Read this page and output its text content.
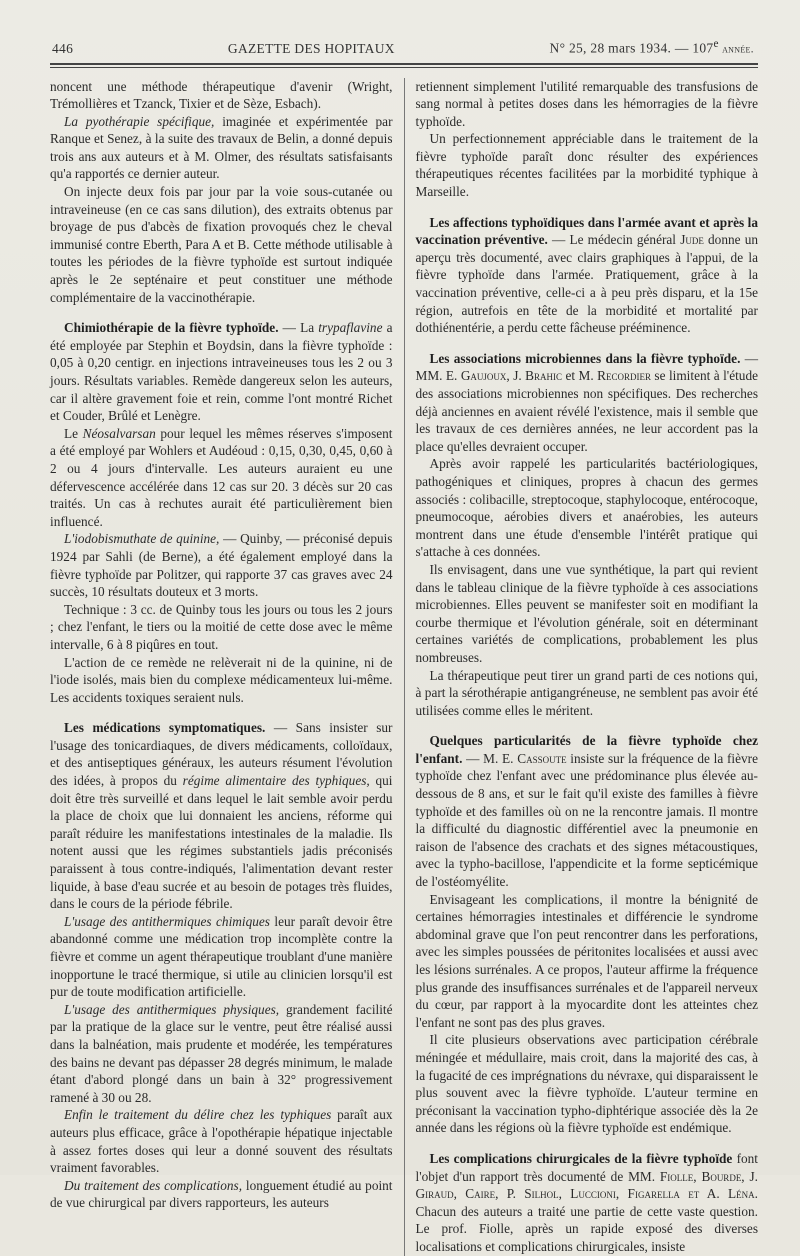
446	GAZETTE DES HOPITAUX	N° 25, 28 mars 1934. — 107e année.

noncent une méthode thérapeutique d'avenir (Wright, Trémollières et Tzanck, Tixier et de Sèze, Esbach).

La pyothérapie spécifique, imaginée et expérimentée par Ranque et Senez, à la suite des travaux de Belin, a donné depuis trois ans aux auteurs et à M. Olmer, des résultats satisfaisants qu'a rapportés ce dernier auteur.

On injecte deux fois par jour par la voie sous-cutanée ou intraveineuse (en ce cas sans dilution), des extraits obtenus par broyage de pus d'abcès de fixation provoqués chez le cheval immunisé contre Eberth, Para A et B. Cette méthode utilisable à toutes les périodes de la fièvre typhoïde est surtout indiquée après le 2e septénaire et peut constituer une méthode complémentaire de la vaccinothérapie.

Chimiothérapie de la fièvre typhoïde. — La trypaflavine a été employée par Stephin et Boydsin, dans la fièvre typhoïde : 0,05 à 0,20 centigr. en injections intraveineuses tous les 2 ou 3 jours. Résultats variables. Remède dangereux selon les auteurs, car il altère gravement foie et rein, comme l'ont montré Richet et Couder, Brûlé et Lenègre.

Le Néosalvarsan pour lequel les mêmes réserves s'imposent a été employé par Wohlers et Audéoud : 0,15, 0,30, 0,45, 0,60 à 2 ou 4 jours d'intervalle. Les auteurs auraient eu une défervescence accélérée dans 12 cas sur 20. 3 décès sur 20 cas traités. Un cas à rechutes aurait été particulièrement bien influencé.

L'iodobismuthate de quinine, — Quinby, — préconisé depuis 1924 par Sahli (de Berne), a été également employé dans la fièvre typhoïde par Politzer, qui rapporte 37 cas graves avec 24 succès, 10 résultats douteux et 3 morts.

Technique : 3 cc. de Quinby tous les jours ou tous les 2 jours ; chez l'enfant, le tiers ou la moitié de cette dose avec le même intervalle, 6 à 8 piqûres en tout.

L'action de ce remède ne relèverait ni de la quinine, ni de l'iode isolés, mais bien du complexe médicamenteux lui-même. Les accidents toxiques seraient nuls.

Les médications symptomatiques. — Sans insister sur l'usage des tonicardiaques, de divers médicaments, colloïdaux, et des antiseptiques généraux, les auteurs résument l'évolution des idées, à propos du régime alimentaire des typhiques, qui doit être très surveillé et dans lequel le lait semble avoir perdu la place de choix que lui donnaient les anciens, réforme qui paraît réduire les manifestations intestinales de la maladie. Ils notent aussi que les régimes substantiels jadis préconisés paraissent à tous contre-indiqués, l'alimentation devant rester liquide, à base d'eau sucrée et au besoin de potages très fluides, dans le cours de la période fébrile.

L'usage des antithermiques chimiques leur paraît devoir être abandonné comme une médication trop incomplète contre la fièvre et comme un agent thérapeutique troublant d'une manière inopportune le tracé thermique, si utile au clinicien lorsqu'il est pur de toute modification artificielle.

L'usage des antithermiques physiques, grandement facilité par la pratique de la glace sur le ventre, peut être réalisé aussi dans la balnéation, mais prudente et modérée, les températures des bains ne devant pas dépasser 28 degrés minimum, le malade étant d'abord plongé dans un bain à 32° progressivement ramené à 30 ou 28.

Enfin le traitement du délire chez les typhiques paraît aux auteurs plus efficace, grâce à l'opothérapie hépatique injectable à assez fortes doses qui leur a donné souvent des résultats vraiment favorables.

Du traitement des complications, longuement étudié au point de vue chirurgical par divers rapporteurs, les auteurs

retiennent simplement l'utilité remarquable des transfusions de sang normal à petites doses dans les hémorragies de la fièvre typhoïde.

Un perfectionnement appréciable dans le traitement de la fièvre typhoïde paraît donc résulter des expériences thérapeutiques récentes facilitées par la morbidité typhique à Marseille.

Les affections typhoïdiques dans l'armée avant et après la vaccination préventive. — Le médecin général Jude donne un aperçu très documenté, avec clairs graphiques à l'appui, de la fièvre typhoïde dans l'armée. Pratiquement, grâce à la vaccination préventive, celle-ci a à peu près disparu, et la 15e région, autrefois en tête de la morbidité et mortalité par dothiénentérie, a perdu cette fâcheuse prééminence.

Les associations microbiennes dans la fièvre typhoïde. — MM. E. Gaujoux, J. Brahic et M. Recordier se limitent à l'étude des associations microbiennes non spécifiques. Des recherches déjà anciennes en avaient révélé l'existence, mais il semble que les travaux de ces dernières années, ne leur accordent pas la place qu'elles devraient occuper.

Après avoir rappelé les particularités bactériologiques, pathogéniques et cliniques, propres à chacun des germes associés : colibacille, streptocoque, staphylocoque, entérocoque, pneumocoque, aérobies divers et anaérobies, les auteurs montrent dans une étude d'ensemble l'intérêt pratique qui s'attache à ces données.

Ils envisagent, dans une vue synthétique, la part qui revient dans le tableau clinique de la fièvre typhoïde à ces associations microbiennes. Elles peuvent se manifester soit en modifiant la courbe thermique et l'évolution générale, soit en déterminant certaines variétés de complications, probablement les plus nombreuses.

La thérapeutique peut tirer un grand parti de ces notions qui, à part la sérothérapie antigangréneuse, ne semblent pas avoir été utilisées comme elles le méritent.

Quelques particularités de la fièvre typhoïde chez l'enfant. — M. E. Cassoute insiste sur la fréquence de la fièvre typhoïde chez l'enfant avec une prédominance plus élevée au-dessous de 8 ans, et sur le fait qu'il existe des familles à fièvre typhoïde et des familles où on ne la rencontre jamais. Il montre la difficulté du diagnostic différentiel avec la pneumonie en raison de l'absence des crachats et des signes métacoustiques, avec la typho-bacillose, l'appendicite et la forme septicémique de l'ostéomyélite.

Envisageant les complications, il montre la bénignité de certaines hémorragies intestinales et différencie le syndrome abdominal grave que l'on peut rencontrer dans les perforations, avec les simples poussées de péritonites localisées et aussi avec les lésions surrénales. A ce propos, l'auteur affirme la fréquence plus grande des insuffisances surrénales et de l'appareil nerveux du cœur, par rapport à la myocardite dont les atteintes chez l'enfant ne sont pas des plus graves.

Il cite plusieurs observations avec participation cérébrale méningée et médullaire, mais croit, dans la majorité des cas, à la fugacité de ces imprégnations du névraxe, qui disparaissent le plus souvent avec la fièvre typhoïde. L'auteur termine en préconisant la vaccination typho-diphtérique associée dès la 2e année dans les régions où la fièvre typhoïde est endémique.

Les complications chirurgicales de la fièvre typhoïde font l'objet d'un rapport très documenté de MM. Fiolle, Bourde, J. Giraud, Caire, P. Silhol, Luccioni, Figarella et A. Léna. Chacun des auteurs a traité une partie de cette vaste question. Le prof. Fiolle, après un rapide exposé des diverses localisations et complications chirurgicales, insiste
